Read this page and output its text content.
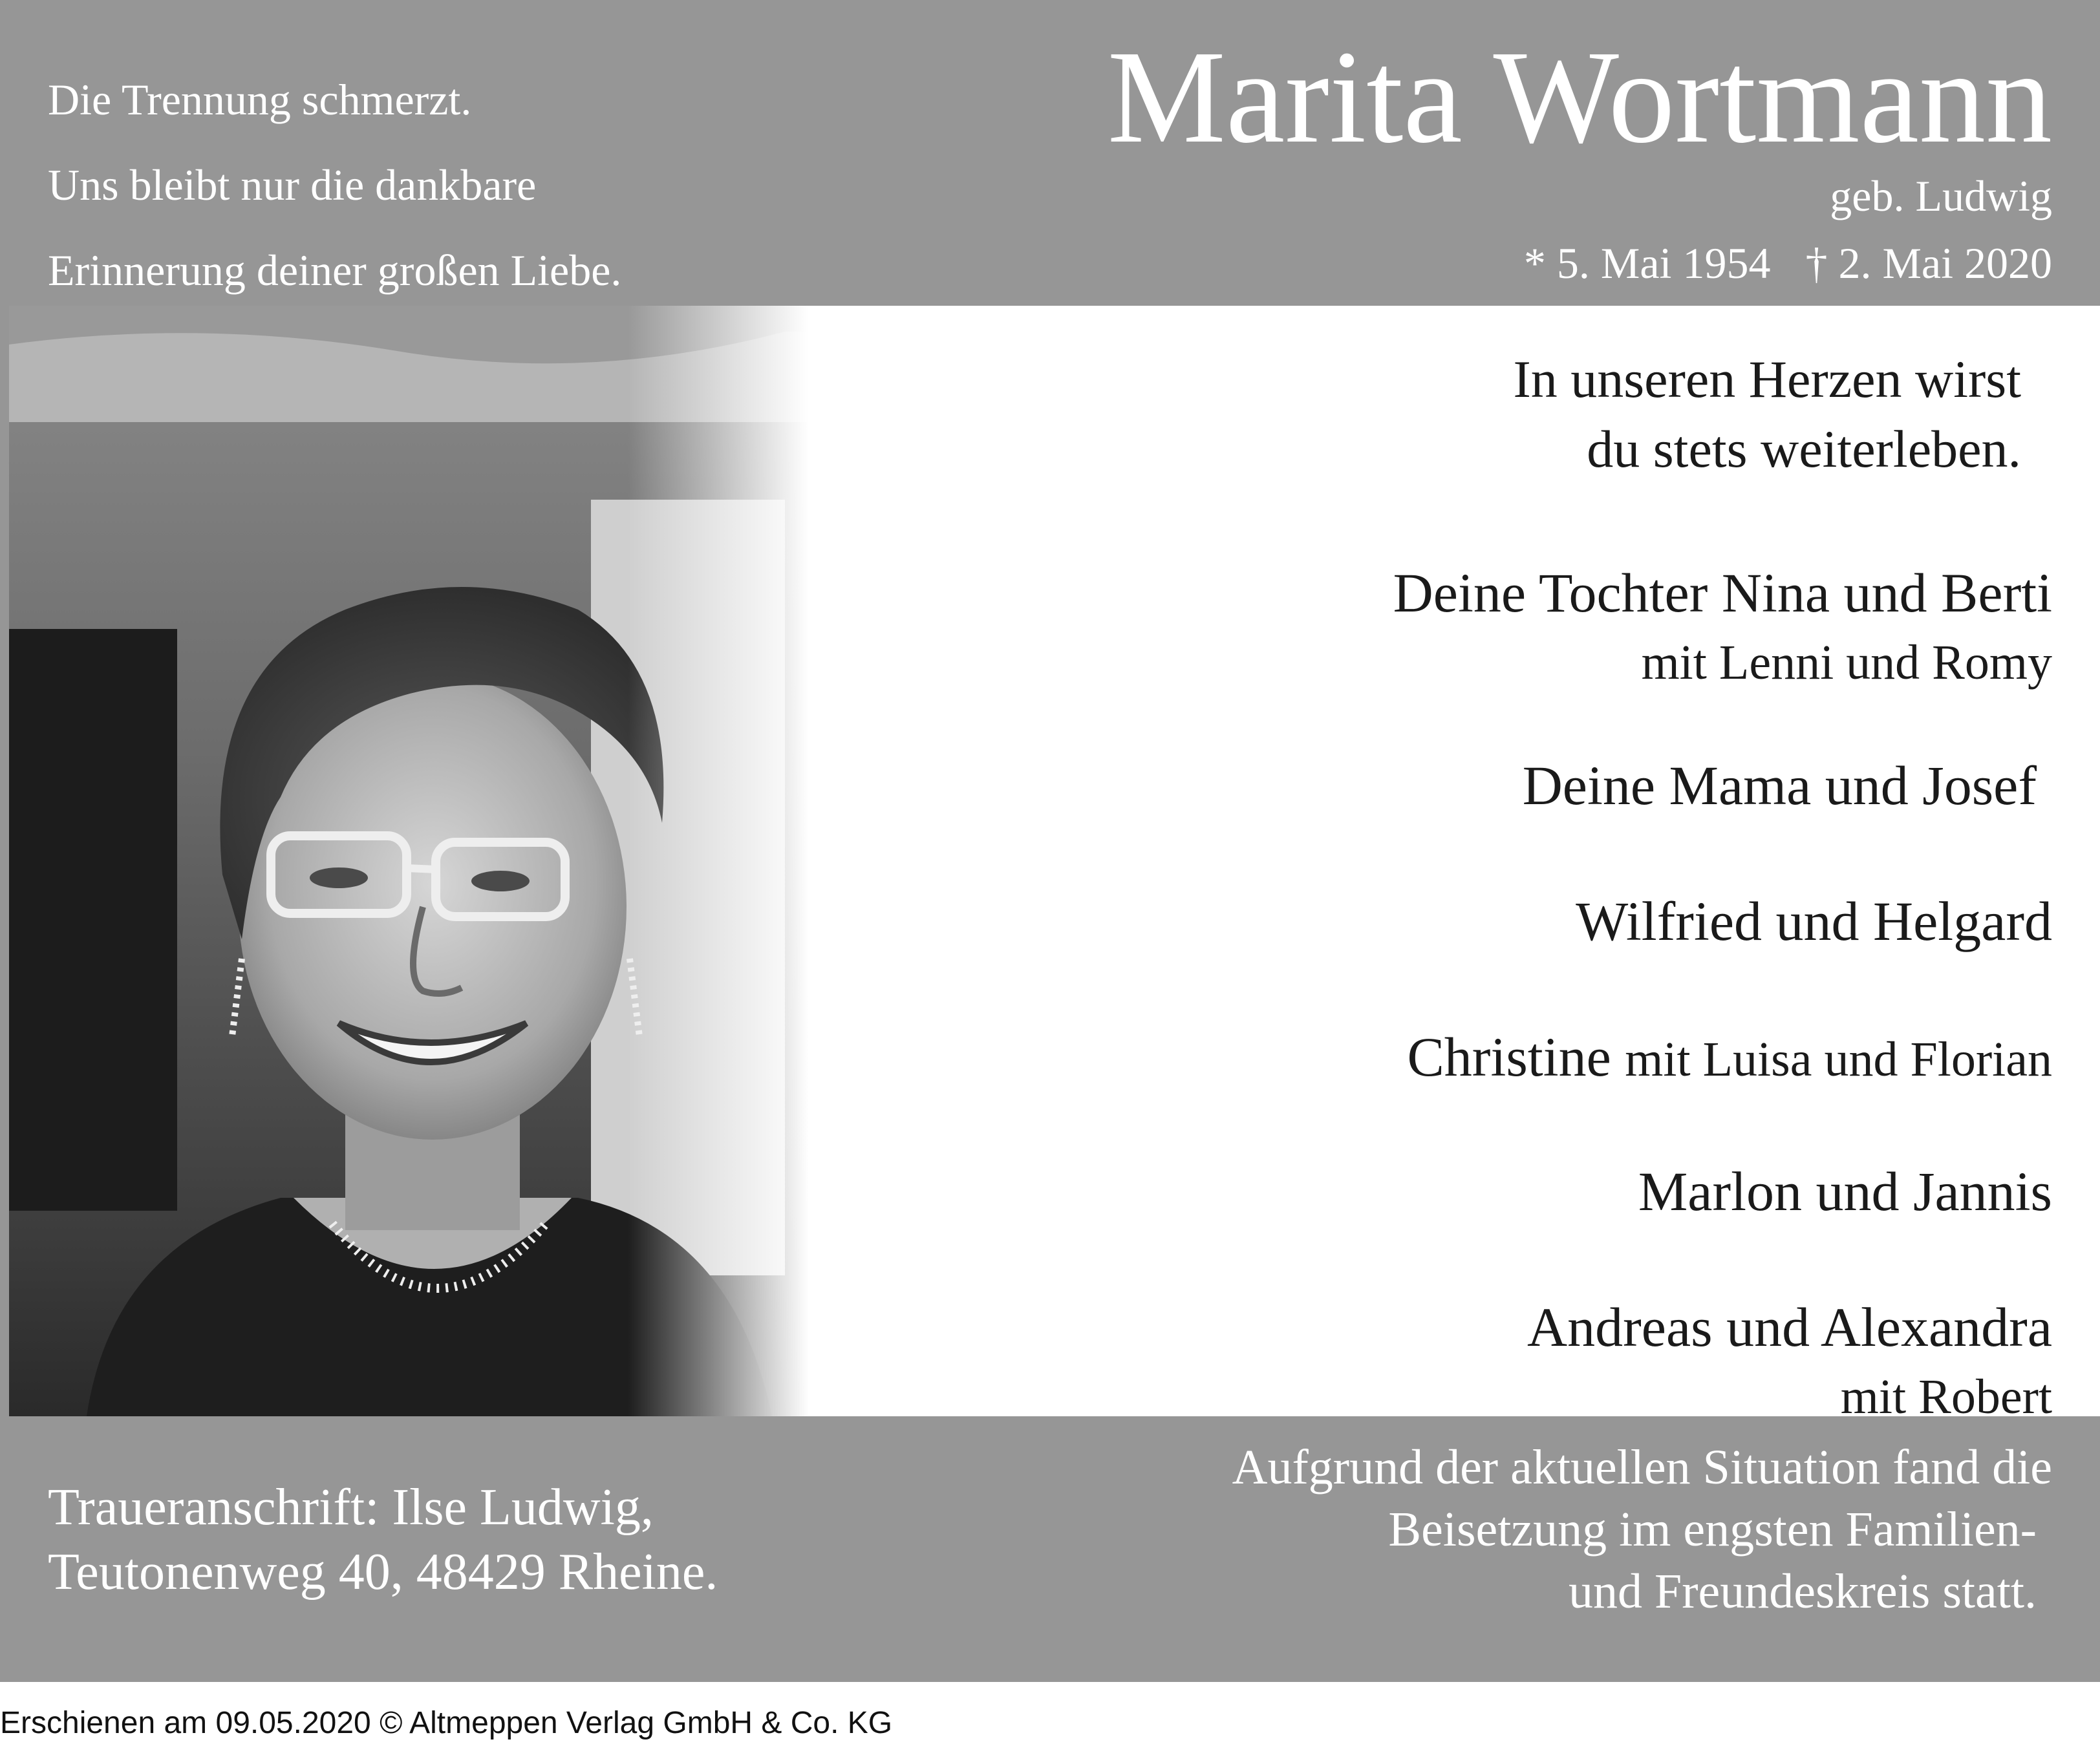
Die Trennung schmerzt.
Uns bleibt nur die dankbare
Erinnerung deiner großen Liebe.
Marita Wortmann
geb. Ludwig
* 5. Mai 1954 † 2. Mai 2020
In unseren Herzen wirst
du stets weiterleben.
Deine Tochter Nina und Berti
mit Lenni und Romy
Deine Mama und Josef
Wilfried und Helgard
Christine mit Luisa und Florian
Marlon und Jannis
Andreas und Alexandra
mit Robert
Traueranschrift: Ilse Ludwig,
Teutonenweg 40, 48429 Rheine.
Aufgrund der aktuellen Situation fand die
Beisetzung im engsten Familien-
und Freundeskreis statt.
Erschienen am 09.05.2020 © Altmeppen Verlag GmbH & Co. KG
